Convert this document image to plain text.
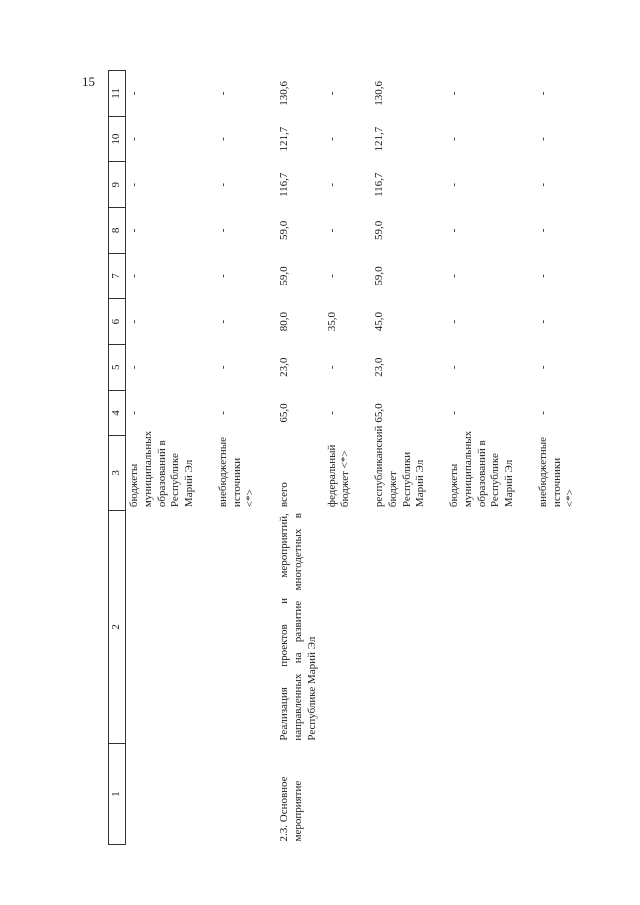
15
1	2	3	4	5	6	7	8	9	10	11
		бюджеты муниципальных образований в Республике Марий Эл	-	-	-	-	-	-	-	-
		внебюджетные источники <*>	-	-	-	-	-	-	-	-
2.3. Основное мероприятие	Реализация проектов и мероприятий, направленных на развитие многодетных в Республике Марий Эл	всего	65,0	23,0	80,0	59,0	59,0	116,7	121,7	130,6
		федеральный бюджет <*>	-	-	35,0	-	-	-	-	-
		республиканский бюджет Республики Марий Эл	65,0	23,0	45,0	59,0	59,0	116,7	121,7	130,6
		бюджеты муниципальных образований в Республике Марий Эл	-	-	-	-	-	-	-	-
		внебюджетные источники <*>	-	-	-	-	-	-	-	-
